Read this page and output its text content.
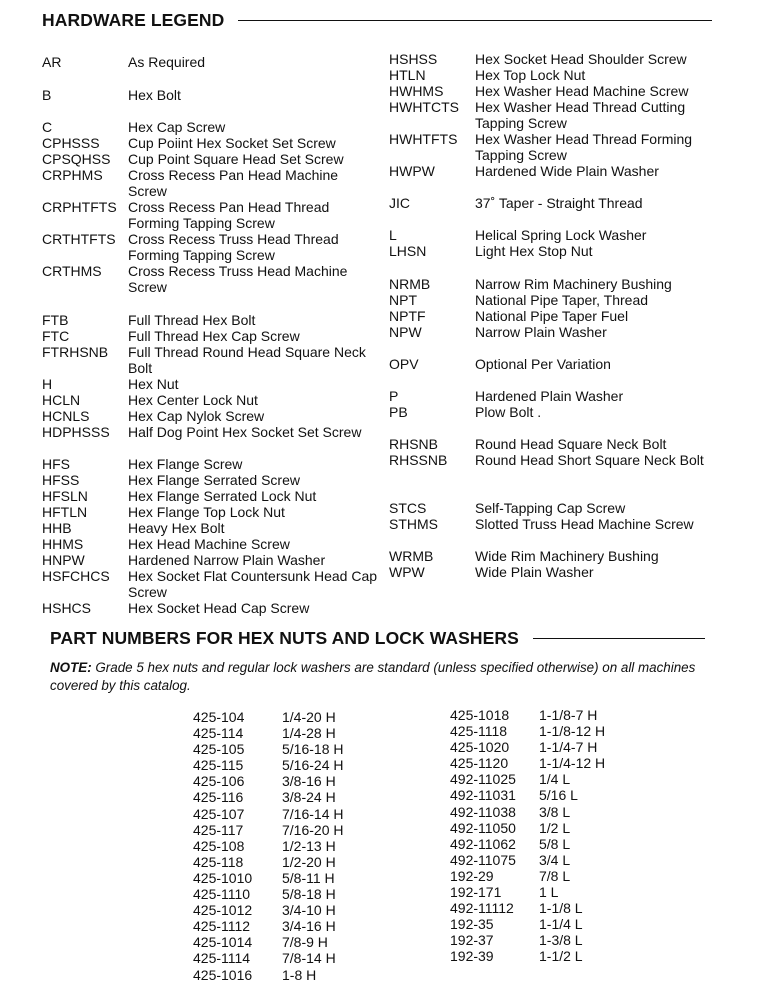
HARDWARE LEGEND
AR	As Required
B	Hex Bolt
C	Hex Cap Screw
CPHSSS Cup Poiint Hex Socket Set Screw
CPSQHSS Cup Point Square Head Set Screw
CRPHMS Cross Recess Pan Head Machine Screw
CRPHTFTS Cross Recess Pan Head Thread Forming Tapping Screw
CRTHTFTS Cross Recess Truss Head Thread Forming Tapping Screw
CRTHMS Cross Recess Truss Head Machine Screw
FTB	Full Thread Hex Bolt
FTC	Full Thread Hex Cap Screw
FTRHSNB Full Thread Round Head Square Neck Bolt
H	Hex Nut
HCLN	Hex Center Lock Nut
HCNLS	Hex Cap Nylok Screw
HDPHSSS Half Dog Point Hex Socket Set Screw
HFS	Hex Flange Screw
HFSS	Hex Flange Serrated Screw
HFSLN	Hex Flange Serrated Lock Nut
HFTLN	Hex Flange Top Lock Nut
HHB	Heavy Hex Bolt
HHMS	Hex Head Machine Screw
HNPW	Hardened Narrow Plain Washer
HSFCHCS Hex Socket Flat Countersunk Head Cap Screw
HSHCS	Hex Socket Head Cap Screw
HSHSS	Hex Socket Head Shoulder Screw
HTLN	Hex Top Lock Nut
HWHMS Hex Washer Head Machine Screw
HWHTCTS Hex Washer Head Thread Cutting Tapping Screw
HWHTFTS Hex Washer Head Thread Forming Tapping Screw
HWPW	Hardened Wide Plain Washer
JIC	37˚ Taper - Straight Thread
L	Helical Spring Lock Washer
LHSN	Light Hex Stop Nut
NRMB	Narrow Rim Machinery Bushing
NPT	National Pipe Taper, Thread
NPTF	National Pipe Taper Fuel
NPW	Narrow Plain Washer
OPV	Optional Per Variation
P	Hardened Plain Washer
PB	Plow Bolt .
RHSNB	Round Head Square Neck Bolt
RHSSNB Round Head Short Square Neck Bolt
STCS	Self-Tapping Cap Screw
STHMS	Slotted Truss Head Machine Screw
WRMB	Wide Rim Machinery Bushing
WPW	Wide Plain Washer
PART NUMBERS FOR HEX NUTS AND LOCK WASHERS
NOTE: Grade 5 hex nuts and regular lock washers are standard (unless specified otherwise) on all machines covered by this catalog.
425-104	1/4-20 H
425-114	1/4-28 H
425-105	5/16-18 H
425-115	5/16-24 H
425-106	3/8-16 H
425-116	3/8-24 H
425-107	7/16-14 H
425-117	7/16-20 H
425-108	1/2-13 H
425-118	1/2-20 H
425-1010 5/8-11 H
425-1110 5/8-18 H
425-1012 3/4-10 H
425-1112 3/4-16 H
425-1014 7/8-9 H
425-1114 7/8-14 H
425-1016 1-8 H
425-1018 1-1/8-7 H
425-1118 1-1/8-12 H
425-1020 1-1/4-7 H
425-1120 1-1/4-12 H
492-11025 1/4 L
492-11031 5/16 L
492-11038 3/8 L
492-11050 1/2 L
492-11062 5/8 L
492-11075 3/4 L
192-29	7/8 L
192-171	1 L
492-11112 1-1/8 L
192-35	1-1/4 L
192-37	1-3/8 L
192-39	1-1/2 L
